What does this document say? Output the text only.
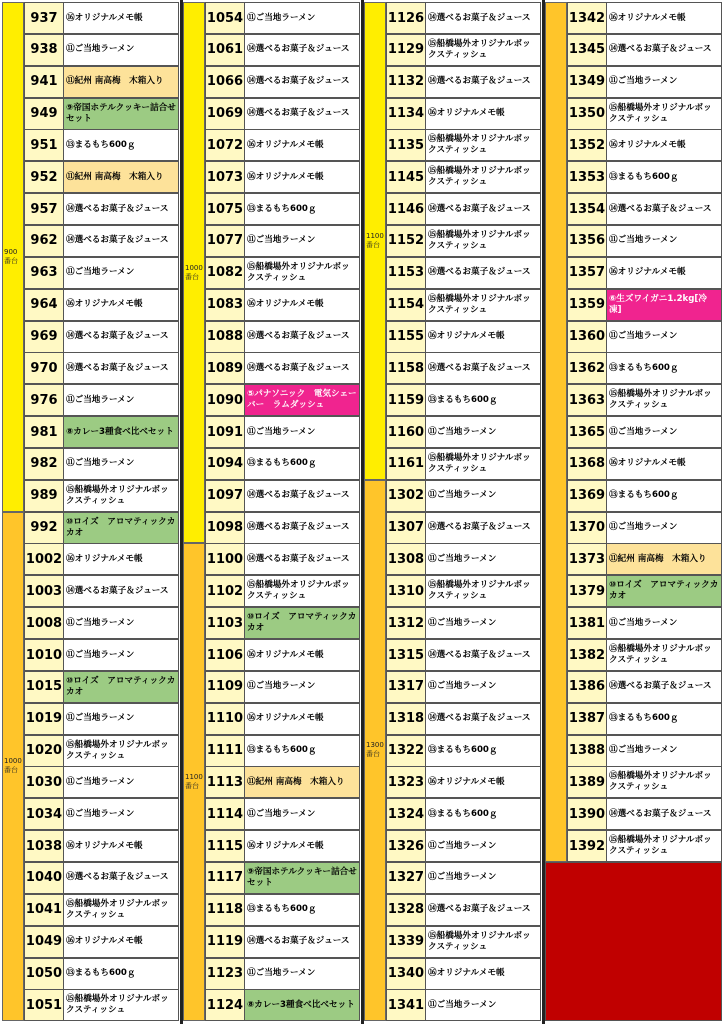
900
番台
1000
番台
937 ⑯オリジナルメモ帳
938 ⑪ご当地ラーメン
941 ⑪紀州 南高梅　木箱入り
949 ⑨帝国ホテルクッキー詰合せセット
951 ⑬まるもち600ｇ
952 ⑪紀州 南高梅　木箱入り
957 ⑭選べるお菓子＆ジュース
962 ⑭選べるお菓子＆ジュース
963 ⑪ご当地ラーメン
964 ⑯オリジナルメモ帳
969 ⑭選べるお菓子＆ジュース
970 ⑭選べるお菓子＆ジュース
976 ⑪ご当地ラーメン
981 ⑧カレー3種食べ比べセット
982 ⑪ご当地ラーメン
989 ⑮船橋場外オリジナルボックスティッシュ
992 ⑩ロイズ　アロマティックカカオ
1002 ⑯オリジナルメモ帳
1003 ⑭選べるお菓子＆ジュース
1008 ⑪ご当地ラーメン
1010 ⑪ご当地ラーメン
1015 ⑩ロイズ　アロマティックカカオ
1019 ⑪ご当地ラーメン
1020 ⑮船橋場外オリジナルボックスティッシュ
1030 ⑪ご当地ラーメン
1034 ⑪ご当地ラーメン
1038 ⑯オリジナルメモ帳
1040 ⑭選べるお菓子＆ジュース
1041 ⑮船橋場外オリジナルボックスティッシュ
1049 ⑯オリジナルメモ帳
1050 ⑬まるもち600ｇ
1051 ⑮船橋場外オリジナルボックスティッシュ
1000
番台
1100
番台
1054 ⑪ご当地ラーメン
1061 ⑭選べるお菓子＆ジュース
1066 ⑭選べるお菓子＆ジュース
1069 ⑭選べるお菓子＆ジュース
1072 ⑯オリジナルメモ帳
1073 ⑯オリジナルメモ帳
1075 ⑬まるもち600ｇ
1077 ⑪ご当地ラーメン
1082 ⑮船橋場外オリジナルボックスティッシュ
1083 ⑯オリジナルメモ帳
1088 ⑭選べるお菓子＆ジュース
1089 ⑭選べるお菓子＆ジュース
1090 ⑤パナソニック　電気シェーバー　ラムダッシュ
1091 ⑪ご当地ラーメン
1094 ⑬まるもち600ｇ
1097 ⑭選べるお菓子＆ジュース
1098 ⑭選べるお菓子＆ジュース
1100 ⑭選べるお菓子＆ジュース
1102 ⑮船橋場外オリジナルボックスティッシュ
1103 ⑩ロイズ　アロマティックカカオ
1106 ⑯オリジナルメモ帳
1109 ⑪ご当地ラーメン
1110 ⑯オリジナルメモ帳
1111 ⑬まるもち600ｇ
1113 ⑪紀州 南高梅　木箱入り
1114 ⑪ご当地ラーメン
1115 ⑯オリジナルメモ帳
1117 ⑨帝国ホテルクッキー詰合せセット
1118 ⑬まるもち600ｇ
1119 ⑭選べるお菓子＆ジュース
1123 ⑪ご当地ラーメン
1124 ⑧カレー3種食べ比べセット
1100
番台
1300
番台
1126 ⑭選べるお菓子＆ジュース
1129 ⑮船橋場外オリジナルボックスティッシュ
1132 ⑭選べるお菓子＆ジュース
1134 ⑯オリジナルメモ帳
1135 ⑮船橋場外オリジナルボックスティッシュ
1145 ⑮船橋場外オリジナルボックスティッシュ
1146 ⑭選べるお菓子＆ジュース
1152 ⑮船橋場外オリジナルボックスティッシュ
1153 ⑭選べるお菓子＆ジュース
1154 ⑮船橋場外オリジナルボックスティッシュ
1155 ⑯オリジナルメモ帳
1158 ⑭選べるお菓子＆ジュース
1159 ⑬まるもち600ｇ
1160 ⑪ご当地ラーメン
1161 ⑮船橋場外オリジナルボックスティッシュ
1302 ⑪ご当地ラーメン
1307 ⑭選べるお菓子＆ジュース
1308 ⑪ご当地ラーメン
1310 ⑮船橋場外オリジナルボックスティッシュ
1312 ⑪ご当地ラーメン
1315 ⑭選べるお菓子＆ジュース
1317 ⑪ご当地ラーメン
1318 ⑭選べるお菓子＆ジュース
1322 ⑬まるもち600ｇ
1323 ⑯オリジナルメモ帳
1324 ⑬まるもち600ｇ
1326 ⑪ご当地ラーメン
1327 ⑪ご当地ラーメン
1328 ⑭選べるお菓子＆ジュース
1339 ⑮船橋場外オリジナルボックスティッシュ
1340 ⑯オリジナルメモ帳
1341 ⑪ご当地ラーメン
1342 ⑯オリジナルメモ帳
1345 ⑭選べるお菓子＆ジュース
1349 ⑪ご当地ラーメン
1350 ⑮船橋場外オリジナルボックスティッシュ
1352 ⑯オリジナルメモ帳
1353 ⑬まるもち600ｇ
1354 ⑭選べるお菓子＆ジュース
1356 ⑪ご当地ラーメン
1357 ⑯オリジナルメモ帳
1359 ⑥生ズワイガニ1.2kg[冷凍]
1360 ⑪ご当地ラーメン
1362 ⑬まるもち600ｇ
1363 ⑮船橋場外オリジナルボックスティッシュ
1365 ⑪ご当地ラーメン
1368 ⑯オリジナルメモ帳
1369 ⑬まるもち600ｇ
1370 ⑪ご当地ラーメン
1373 ⑪紀州 南高梅　木箱入り
1379 ⑩ロイズ　アロマティックカカオ
1381 ⑪ご当地ラーメン
1382 ⑮船橋場外オリジナルボックスティッシュ
1386 ⑭選べるお菓子＆ジュース
1387 ⑬まるもち600ｇ
1388 ⑪ご当地ラーメン
1389 ⑮船橋場外オリジナルボックスティッシュ
1390 ⑭選べるお菓子＆ジュース
1392 ⑮船橋場外オリジナルボックスティッシュ
